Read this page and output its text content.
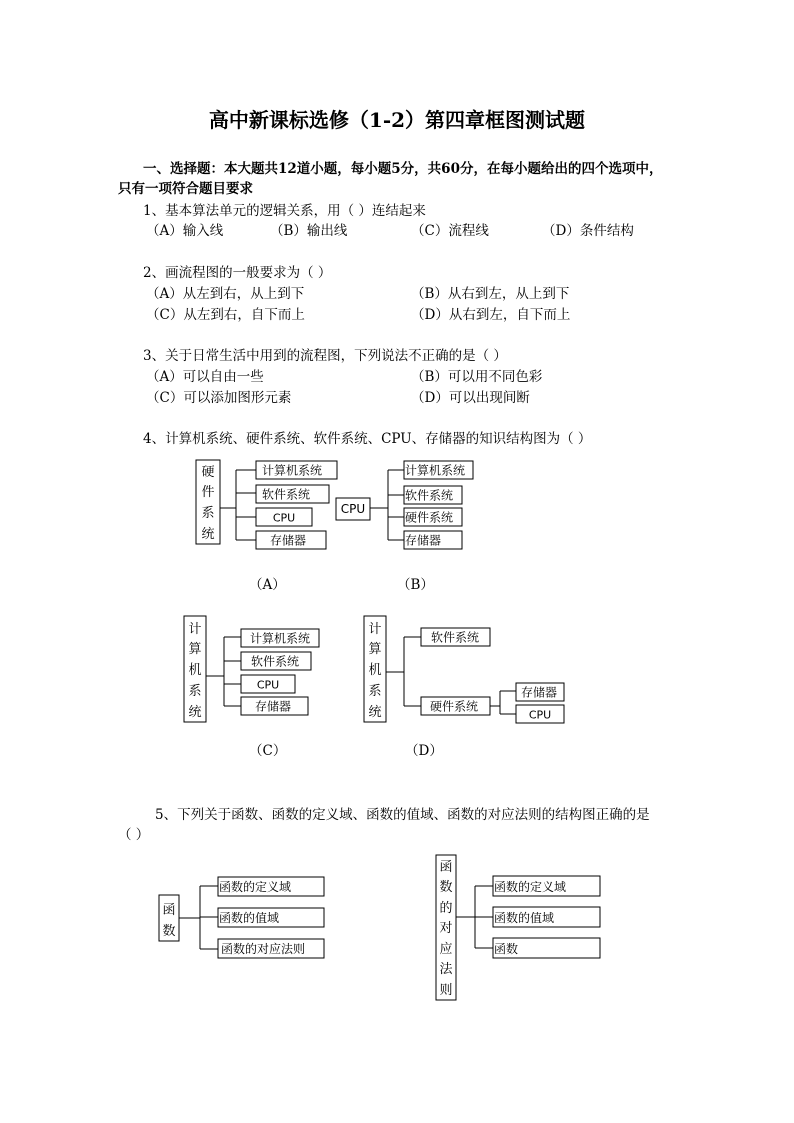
高中新课标选修（1-2）第四章框图测试题
一、选择题：本大题共12道小题，每小题5分，共60分，在每小题给出的四个选项中，
只有一项符合题目要求
1、基本算法单元的逻辑关系，用（ ）连结起来
（A）输入线	（B）输出线	（C）流程线	（D）条件结构
2、画流程图的一般要求为（ ）
（A）从左到右，从上到下	（B）从右到左，从上到下
（C）从左到右，自下而上	（D）从右到左，自下而上
3、关于日常生活中用到的流程图，下列说法不正确的是（ ）
（A）可以自由一些	（B）可以用不同色彩
（C）可以添加图形元素	（D）可以出现间断
4、计算机系统、硬件系统、软件系统、CPU、存储器的知识结构图为（ ）
（A）	（B）
（C）	（D）
5、下列关于函数、函数的定义域、函数的值域、函数的对应法则的结构图正确的是
（ ）
硬
件
系
统
计算机系统
软件系统
CPU
存储器
CPU
计算机系统
软件系统
硬件系统
存储器
计
算
机
系
统
计算机系统
软件系统
CPU
存储器
计
算
机
系
统
软件系统
硬件系统
存储器
CPU
函
数
函数的定义域
函数的值域
函数的对应法则
函
数
的
对
应
法
则
函数的定义域
函数的值域
函数
